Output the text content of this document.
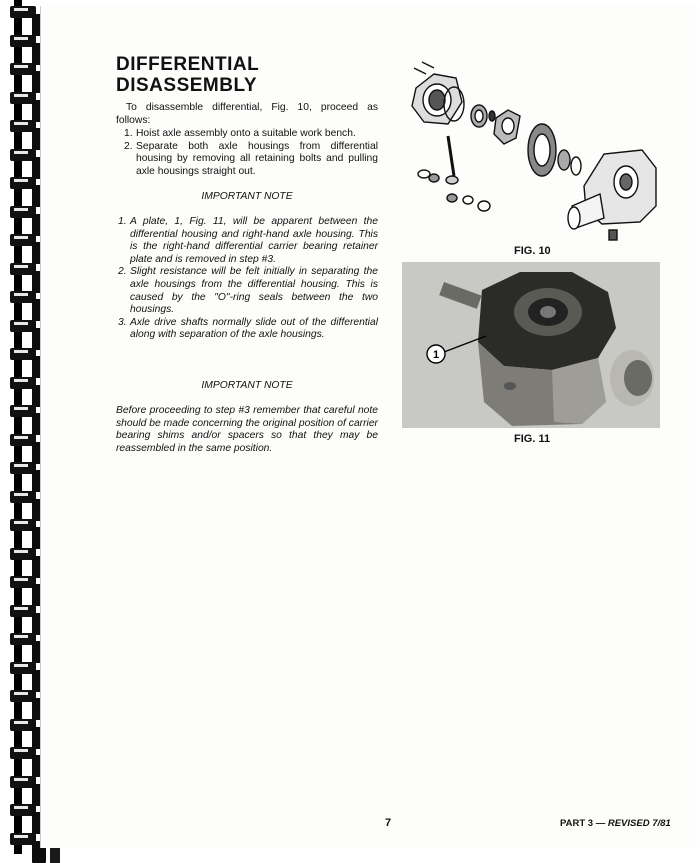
DIFFERENTIAL
DISASSEMBLY

To disassemble differential, Fig. 10, proceed as follows:

1. Hoist axle assembly onto a suitable work bench.
2. Separate both axle housings from differential housing by removing all retaining bolts and pulling axle housings straight out.
IMPORTANT NOTE
1. A plate, 1, Fig. 11, will be apparent between the differential housing and right-hand axle housing. This is the right-hand differential carrier bearing retainer plate and is removed in step #3.
2. Slight resistance will be felt initially in separating the axle housings from the differential housing. This is caused by the "O"-ring seals between the two housings.
3. Axle drive shafts normally slide out of the differential along with separation of the axle housings.
IMPORTANT NOTE
Before proceeding to step #3 remember that careful note should be made concerning the original position of carrier bearing shims and/or spacers so that they may be reassembled in the same position.
FIG. 10
1
FIG. 11
7	PART 3 — REVISED 7/81
